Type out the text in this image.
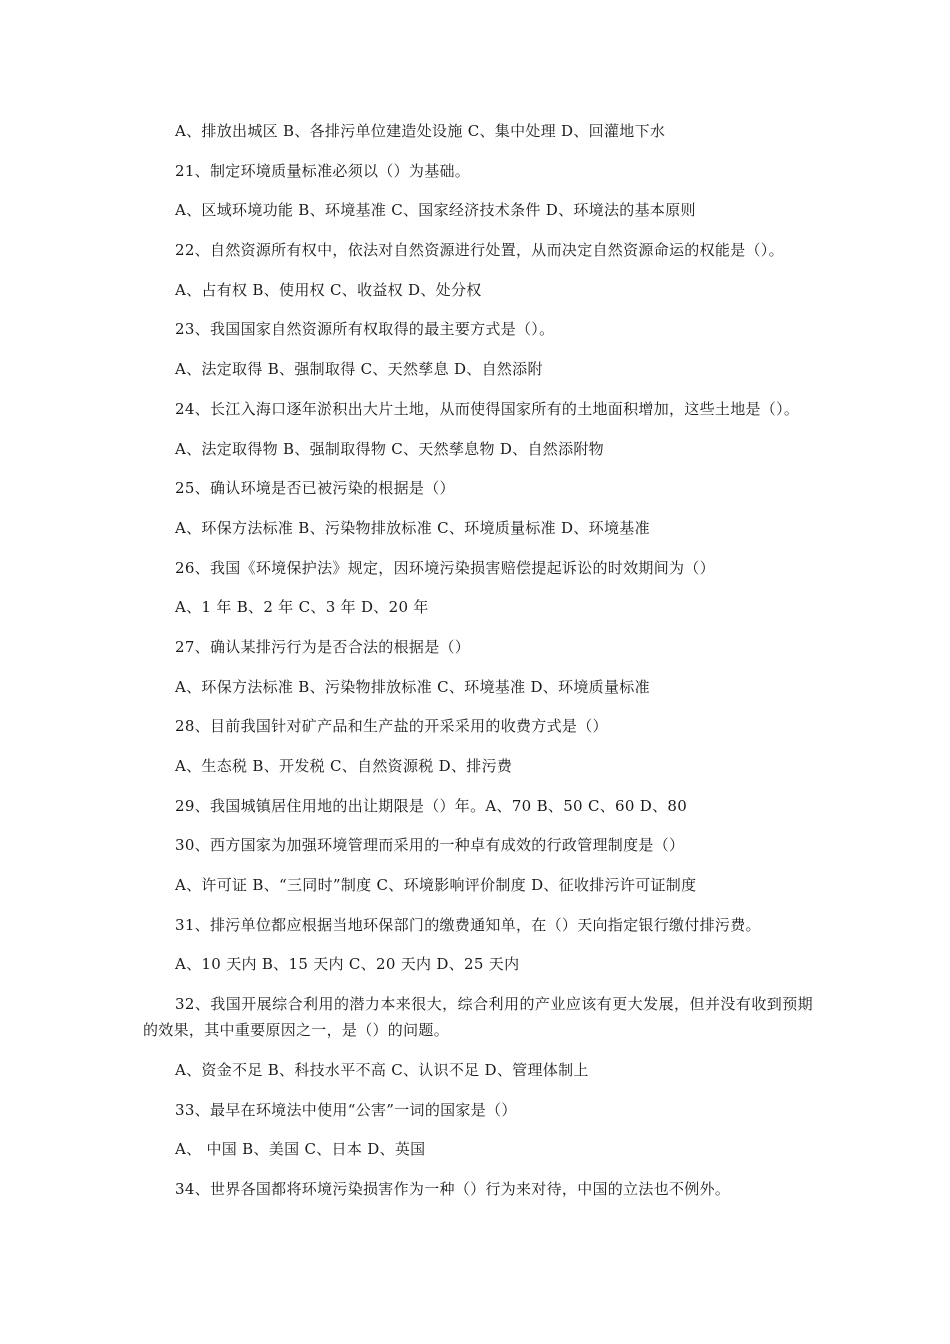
A、排放出城区 B、各排污单位建造处设施 C、集中处理 D、回灌地下水
21、制定环境质量标准必须以（）为基础。
A、区域环境功能 B、环境基准 C、国家经济技术条件 D、环境法的基本原则
22、自然资源所有权中，依法对自然资源进行处置，从而决定自然资源命运的权能是（）。
A、占有权 B、使用权 C、收益权 D、处分权
23、我国国家自然资源所有权取得的最主要方式是（）。
A、法定取得 B、强制取得 C、天然孳息 D、自然添附
24、长江入海口逐年淤积出大片土地，从而使得国家所有的土地面积增加，这些土地是（）。
A、法定取得物 B、强制取得物 C、天然孳息物 D、自然添附物
25、确认环境是否已被污染的根据是（）
A、环保方法标准 B、污染物排放标准 C、环境质量标准 D、环境基准
26、我国《环境保护法》规定，因环境污染损害赔偿提起诉讼的时效期间为（）
A、1 年 B、2 年 C、3 年 D、20 年
27、确认某排污行为是否合法的根据是（）
A、环保方法标准 B、污染物排放标准 C、环境基准 D、环境质量标准
28、目前我国针对矿产品和生产盐的开采采用的收费方式是（）
A、生态税 B、开发税 C、自然资源税 D、排污费
29、我国城镇居住用地的出让期限是（）年。A、70 B、50 C、60 D、80
30、西方国家为加强环境管理而采用的一种卓有成效的行政管理制度是（）
A、许可证 B、“三同时”制度 C、环境影响评价制度 D、征收排污许可证制度
31、排污单位都应根据当地环保部门的缴费通知单，在（）天向指定银行缴付排污费。
A、10 天内 B、15 天内 C、20 天内 D、25 天内
32、我国开展综合利用的潜力本来很大，综合利用的产业应该有更大发展，但并没有收到预期的效果，其中重要原因之一，是（）的问题。
A、资金不足 B、科技水平不高 C、认识不足 D、管理体制上
33、最早在环境法中使用“公害”一词的国家是（）
A、 中国 B、美国 C、日本 D、英国
34、世界各国都将环境污染损害作为一种（）行为来对待，中国的立法也不例外。
